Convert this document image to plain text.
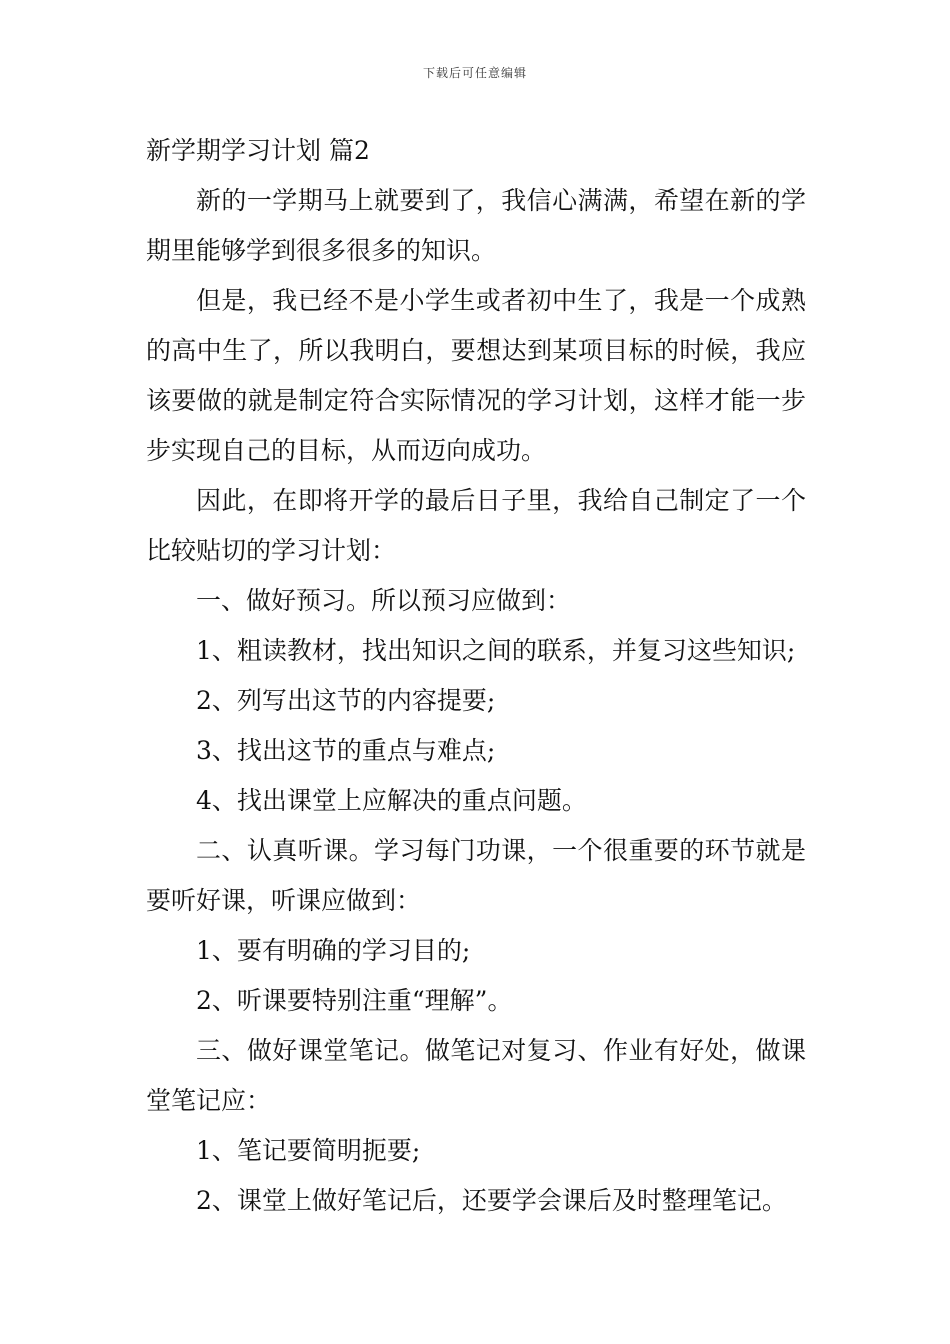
下载后可任意编辑
新学期学习计划 篇2

新的一学期马上就要到了，我信心满满，希望在新的学期里能够学到很多很多的知识。

但是，我已经不是小学生或者初中生了，我是一个成熟的高中生了，所以我明白，要想达到某项目标的时候，我应该要做的就是制定符合实际情况的学习计划，这样才能一步步实现自己的目标，从而迈向成功。

因此，在即将开学的最后日子里，我给自己制定了一个比较贴切的学习计划：

一、做好预习。所以预习应做到：

1、粗读教材，找出知识之间的联系，并复习这些知识;

2、列写出这节的内容提要;

3、找出这节的重点与难点;

4、找出课堂上应解决的重点问题。

二、认真听课。学习每门功课，一个很重要的环节就是要听好课，听课应做到：

1、要有明确的学习目的;

2、听课要特别注重“理解”。

三、做好课堂笔记。做笔记对复习、作业有好处，做课堂笔记应：

1、笔记要简明扼要;

2、课堂上做好笔记后，还要学会课后及时整理笔记。
